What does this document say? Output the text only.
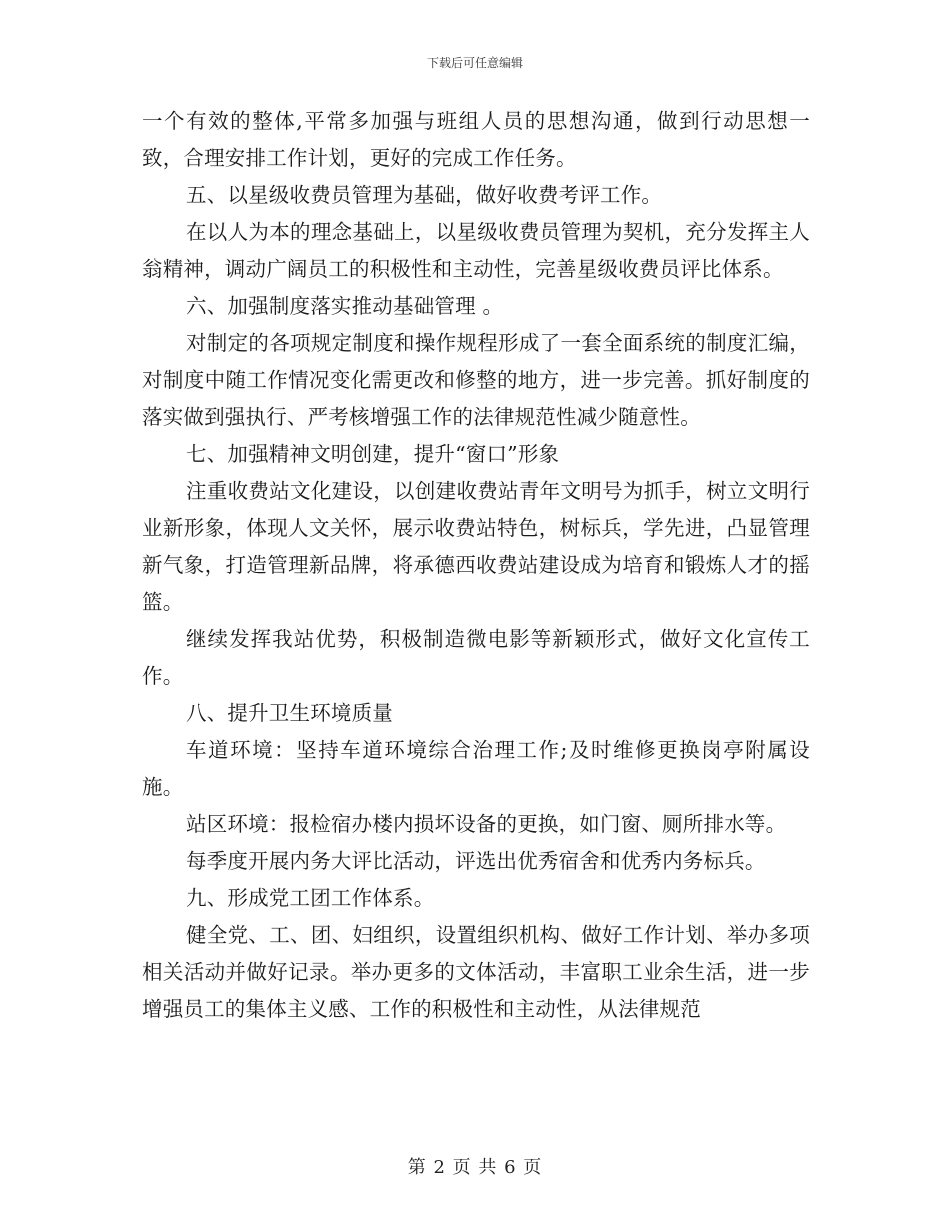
下载后可任意编辑

一个有效的整体,平常多加强与班组人员的思想沟通，做到行动思想一致，合理安排工作计划，更好的完成工作任务。

五、以星级收费员管理为基础，做好收费考评工作。

在以人为本的理念基础上，以星级收费员管理为契机，充分发挥主人翁精神，调动广阔员工的积极性和主动性，完善星级收费员评比体系。

六、加强制度落实推动基础管理 。

对制定的各项规定制度和操作规程形成了一套全面系统的制度汇编，对制度中随工作情况变化需更改和修整的地方，进一步完善。抓好制度的落实做到强执行、严考核增强工作的法律规范性减少随意性。

七、加强精神文明创建，提升“窗口”形象

注重收费站文化建设，以创建收费站青年文明号为抓手，树立文明行业新形象，体现人文关怀，展示收费站特色，树标兵，学先进，凸显管理新气象，打造管理新品牌，将承德西收费站建设成为培育和锻炼人才的摇篮。

继续发挥我站优势，积极制造微电影等新颖形式，做好文化宣传工作。

八、提升卫生环境质量

车道环境：坚持车道环境综合治理工作;及时维修更换岗亭附属设施。

站区环境：报检宿办楼内损坏设备的更换，如门窗、厕所排水等。

每季度开展内务大评比活动，评选出优秀宿舍和优秀内务标兵。

九、形成党工团工作体系。

健全党、工、团、妇组织，设置组织机构、做好工作计划、举办多项相关活动并做好记录。举办更多的文体活动，丰富职工业余生活，进一步增强员工的集体主义感、工作的积极性和主动性，从法律规范

第 2 页 共 6 页
